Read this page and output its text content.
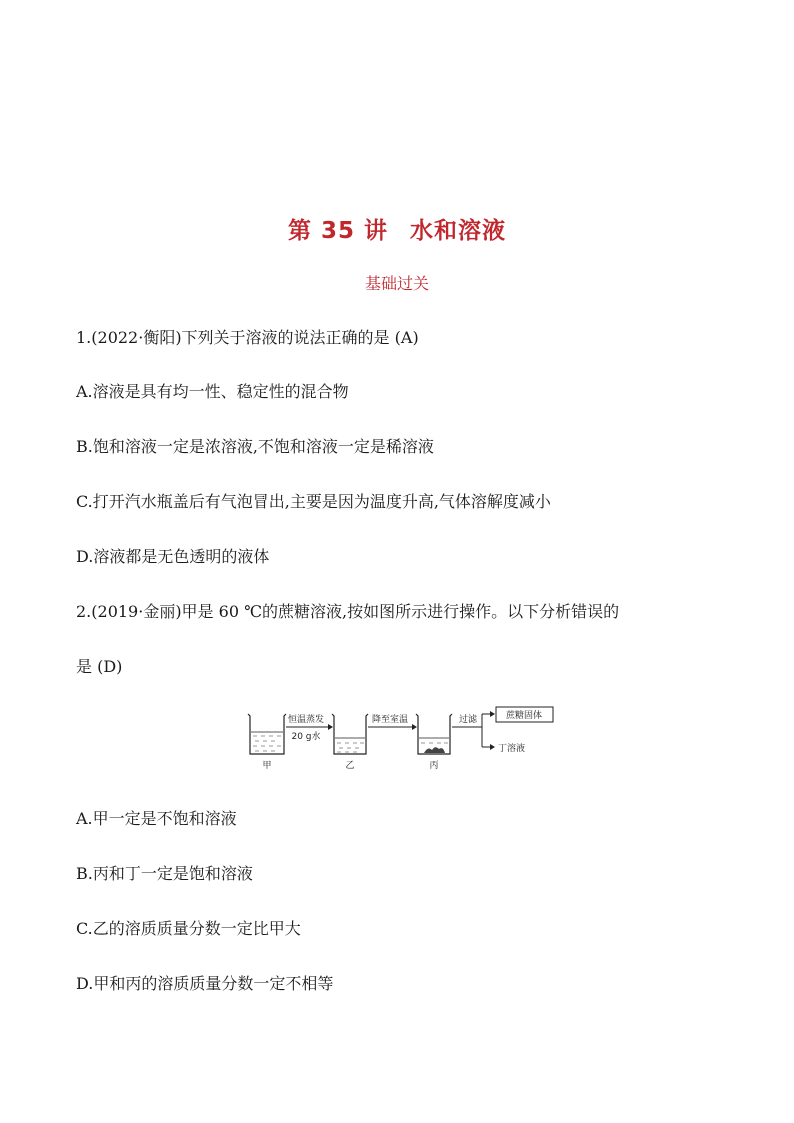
第 35 讲 水和溶液
基础过关
1.(2022·衡阳)下列关于溶液的说法正确的是 (A)
A.溶液是具有均一性、稳定性的混合物
B.饱和溶液一定是浓溶液,不饱和溶液一定是稀溶液
C.打开汽水瓶盖后有气泡冒出,主要是因为温度升高,气体溶解度减小
D.溶液都是无色透明的液体
2.(2019·金丽)甲是 60 ℃的蔗糖溶液,按如图所示进行操作。以下分析错误的
是 (D)
甲
恒温蒸发
20 g水
乙
降至室温
丙
过滤	蔗糖固体
丁溶液
A.甲一定是不饱和溶液
B.丙和丁一定是饱和溶液
C.乙的溶质质量分数一定比甲大
D.甲和丙的溶质质量分数一定不相等
